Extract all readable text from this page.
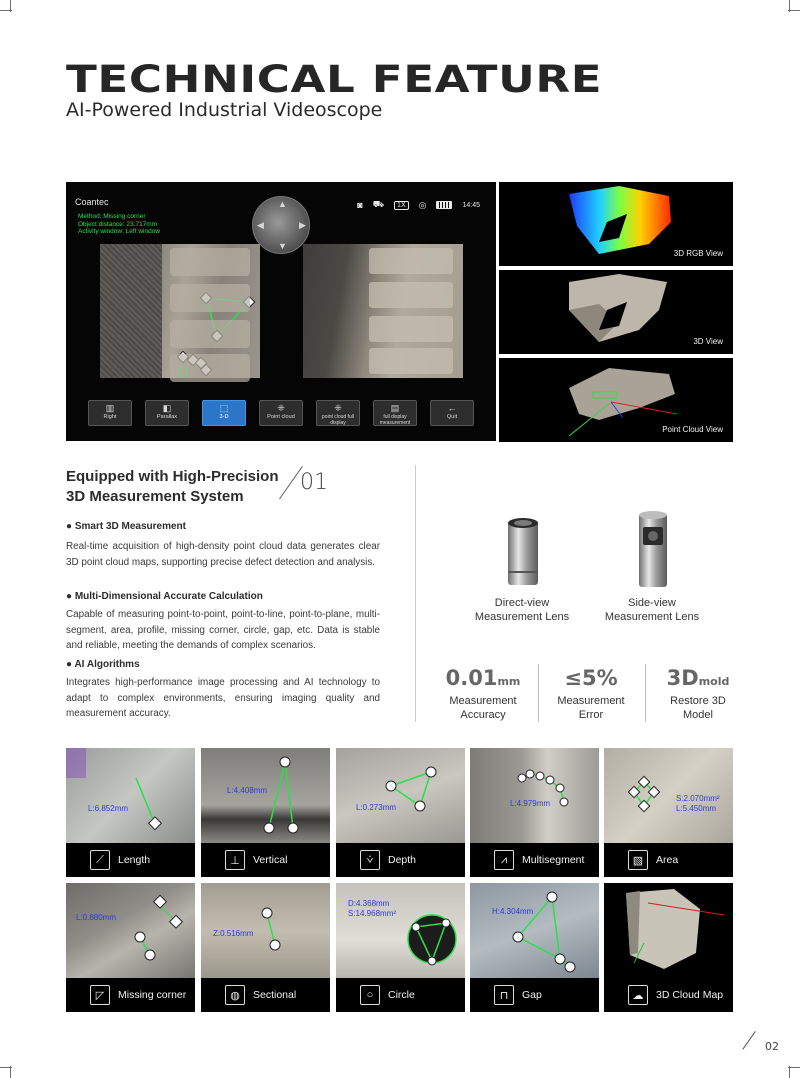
TECHNICAL FEATURE
AI-Powered Industrial Videoscope
Coantec
Method: Missing corner
Object distance: 23.717mm
Activity window: Left window
▲
▼
◀	▶
◙ ⛟	1X	◎	14:45
▥
Right
◧
Parallax
⬚
3-D
⁜
Point cloud
⁜
point cloud full display
▤
full display measurement
←
Quit
3D RGB View
3D View
Point Cloud View
Equipped with High-Precision
3D Measurement System
01
● Smart 3D Measurement
Real-time acquisition of high-density point cloud data generates clear 3D point cloud maps, supporting precise defect detection and analysis.
● Multi-Dimensional Accurate Calculation
Capable of measuring point-to-point, point-to-line, point-to-plane, multi-segment, area, profile, missing corner, circle, gap, etc. Data is stable and reliable, meeting the demands of complex scenarios.
● AI Algorithms
Integrates high-performance image processing and AI technology to adapt to complex environments, ensuring imaging quality and measurement accuracy.
Direct-view
Measurement Lens
Side-view
Measurement Lens
0.01mm
Measurement
Accuracy
≤5%
Measurement
Error
3Dmold
Restore 3D
Model
L:6.852mm
⟋	Length
L:4.408mm
⊥	Vertical
L:0.273mm
⩒	Depth
L:4.979mm
⩘	Multisegment
S:2.070mm²
L:5.450mm
▧	Area
L:0.880mm
◸	Missing corner
Z:0.516mm
◍	Sectional
D:4.368mm
S:14.968mm²
○	Circle
H:4.304mm
⊓	Gap	☁	3D Cloud Map
02
